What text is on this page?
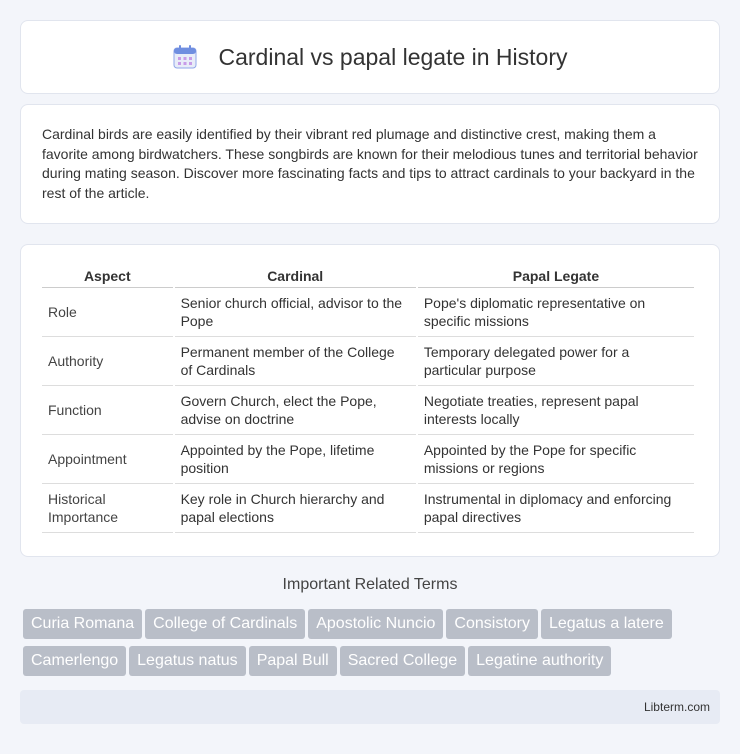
Cardinal vs papal legate in History

Cardinal birds are easily identified by their vibrant red plumage and distinctive crest, making them a favorite among birdwatchers. These songbirds are known for their melodious tunes and territorial behavior during mating season. Discover more fascinating facts and tips to attract cardinals to your backyard in the rest of the article.

Aspect	Cardinal	Papal Legate
Role	Senior church official, advisor to the Pope	Pope's diplomatic representative on specific missions
Authority	Permanent member of the College of Cardinals	Temporary delegated power for a particular purpose
Function	Govern Church, elect the Pope, advise on doctrine	Negotiate treaties, represent papal interests locally
Appointment	Appointed by the Pope, lifetime position	Appointed by the Pope for specific missions or regions
Historical Importance	Key role in Church hierarchy and papal elections	Instrumental in diplomacy and enforcing papal directives
Important Related Terms
Curia Romana College of Cardinals Apostolic Nuncio Consistory Legatus a latere
Camerlengo Legatus natus Papal Bull Sacred College Legatine authority
Libterm.com
